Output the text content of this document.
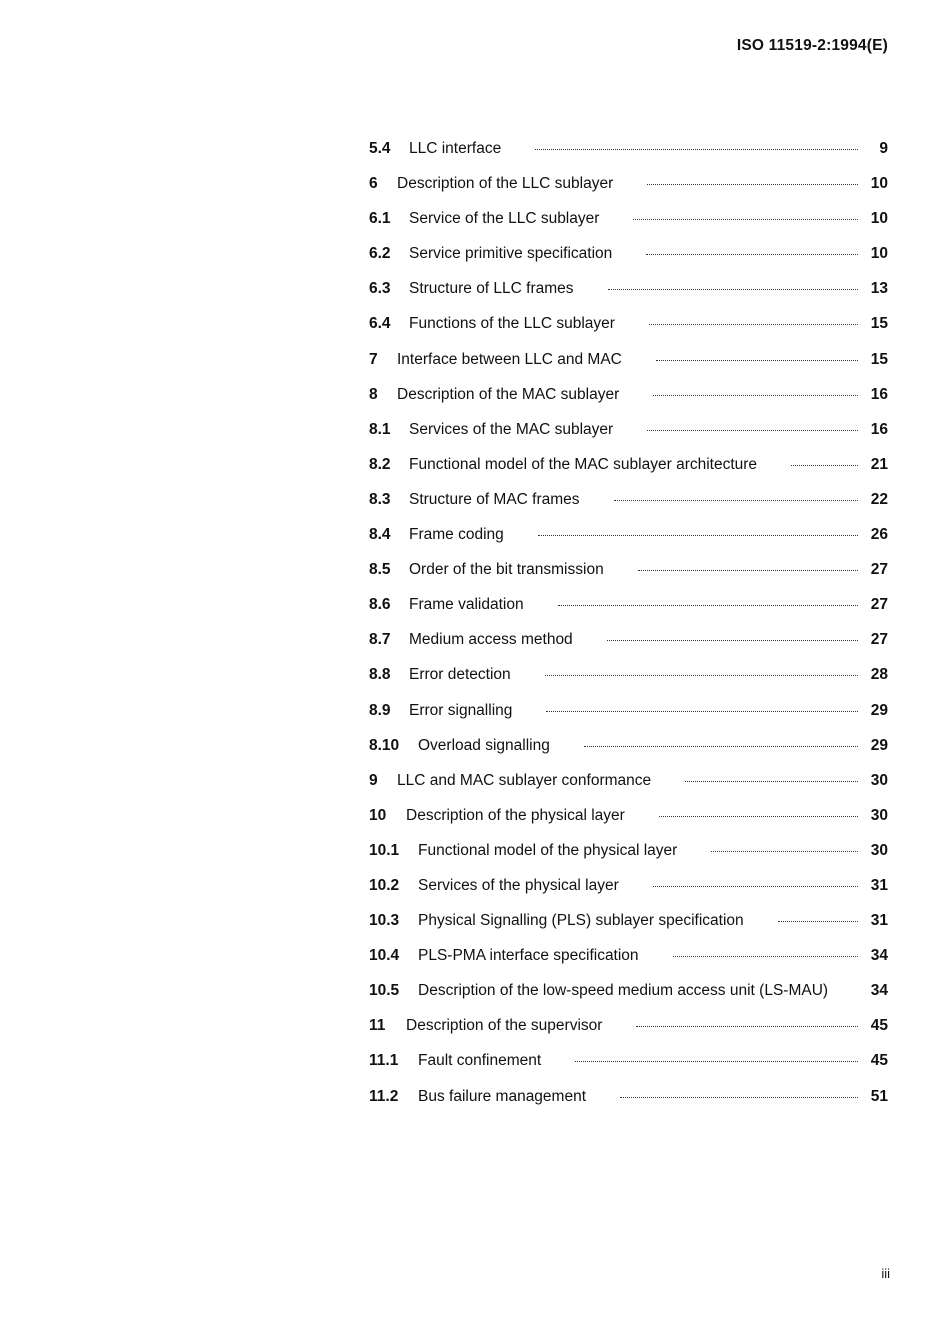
ISO 11519-2:1994(E)
5.4	LLC interface	9
6	Description of the LLC sublayer	10
6.1	Service of the LLC sublayer	10
6.2	Service primitive specification	10
6.3	Structure of LLC frames	13
6.4	Functions of the LLC sublayer	15
7	Interface between LLC and MAC	15
8	Description of the MAC sublayer	16
8.1	Services of the MAC sublayer	16
8.2	Functional model of the MAC sublayer architecture	21
8.3	Structure of MAC frames	22
8.4	Frame coding	26
8.5	Order of the bit transmission	27
8.6	Frame validation	27
8.7	Medium access method	27
8.8	Error detection	28
8.9	Error signalling	29
8.10	Overload signalling	29
9	LLC and MAC sublayer conformance	30
10	Description of the physical layer	30
10.1	Functional model of the physical layer	30
10.2	Services of the physical layer	31
10.3	Physical Signalling (PLS) sublayer specification	31
10.4	PLS-PMA interface specification	34
10.5	Description of the low-speed medium access unit (LS-MAU)	34
11	Description of the supervisor	45
11.1	Fault confinement	45
11.2	Bus failure management	51
iii
